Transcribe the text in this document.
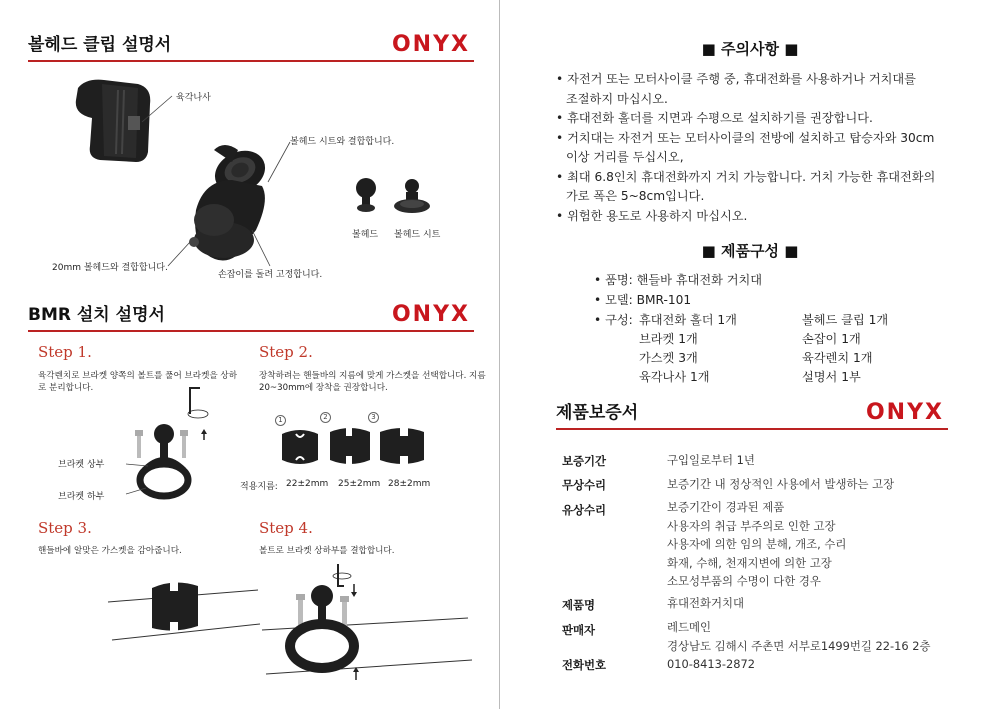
볼헤드 클립 설명서	ONYX
육각나사
볼헤드 시트와 결합합니다.
볼헤드 볼헤드 시트
20mm 볼헤드와 결합합니다.
손잡이를 돌려 고정합니다.
BMR 설치 설명서	ONYX
Step 1.
육각렌치로 브라켓 양쪽의 볼트를 풀어 브라켓을 상하로 분리합니다.
브라켓 상부
브라켓 하부
Step 2.
장착하려는 핸들바의 지름에 맞게 가스켓을 선택합니다. 지름 20~30mm에 장착을 권장합니다.
1	2	3
적용지름: 22±2mm 25±2mm 28±2mm
Step 3.
핸들바에 알맞은 가스켓을 감아줍니다.
Step 4.
볼트로 브라켓 상하부를 결합합니다.
■ 주의사항 ■
• 자전거 또는 모터사이클 주행 중, 휴대전화를 사용하거나 거치대를
조절하지 마십시오.
• 휴대전화 홀더를 지면과 수평으로 설치하기를 권장합니다.
• 거치대는 자전거 또는 모터사이클의 전방에 설치하고 탑승자와 30cm
이상 거리를 두십시오,
• 최대 6.8인치 휴대전화까지 거치 가능합니다. 거치 가능한 휴대전화의
가로 폭은 5~8cm입니다.
• 위험한 용도로 사용하지 마십시오.
■ 제품구성 ■
• 품명: 핸들바 휴대전화 거치대
• 모델: BMR-101
• 구성: 휴대전화 홀더 1개	볼헤드 클립 1개
브라켓 1개	손잡이 1개
가스켓 3개	육각렌치 1개
육각나사 1개	설명서 1부
제품보증서	ONYX
보증기간	구입일로부터 1년
무상수리	보증기간 내 정상적인 사용에서 발생하는 고장
유상수리	보증기간이 경과된 제품
사용자의 취급 부주의로 인한 고장
사용자에 의한 임의 분해, 개조, 수리
화재, 수해, 천재지변에 의한 고장
소모성부품의 수명이 다한 경우
제품명	휴대전화거치대
판매자	레드메인
경상남도 김해시 주촌면 서부로1499번길 22-16 2층
전화번호	010-8413-2872
